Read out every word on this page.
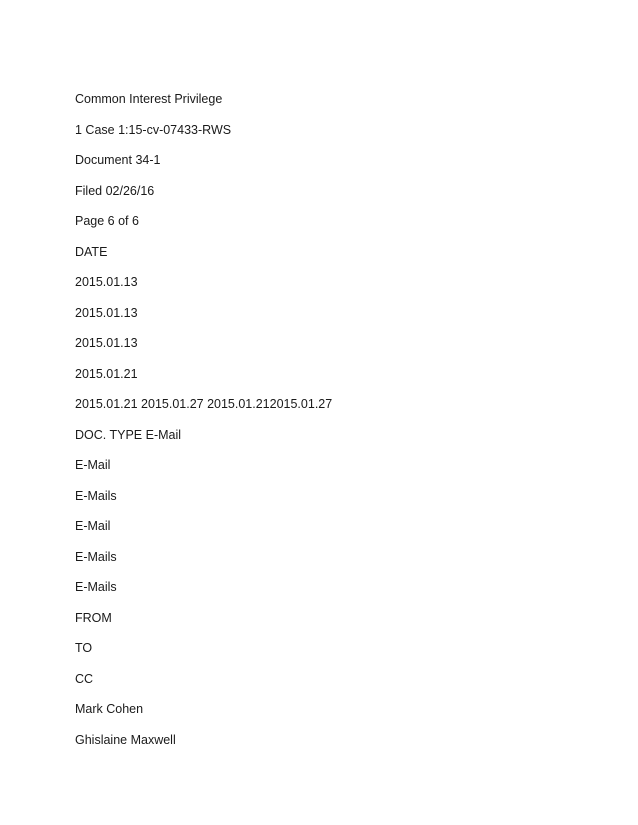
Common Interest Privilege
1 Case 1:15-cv-07433-RWS
Document 34-1
Filed 02/26/16
Page 6 of 6
DATE
2015.01.13
2015.01.13
2015.01.13
2015.01.21
2015.01.21 2015.01.27 2015.01.212015.01.27
DOC. TYPE E-Mail
E-Mail
E-Mails
E-Mail
E-Mails
E-Mails
FROM
TO
CC
Mark Cohen
Ghislaine Maxwell
